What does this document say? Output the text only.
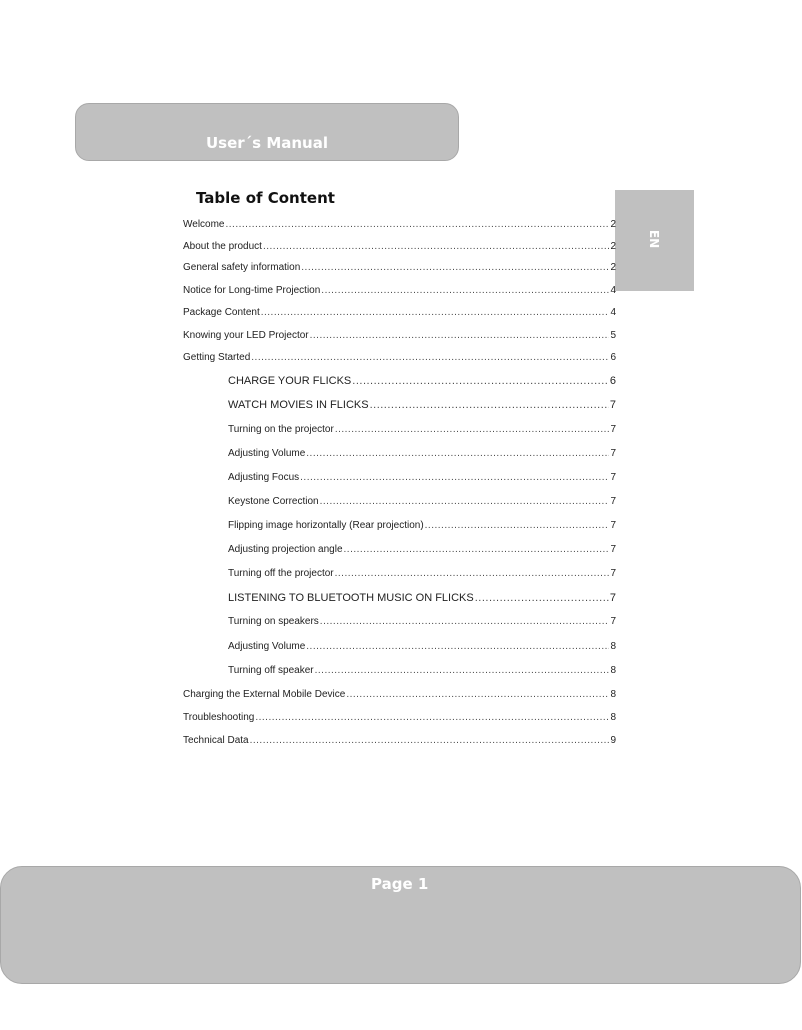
User´s Manual
Table of Content
EN
Welcome .....	2
About the product .....	2
General safety information .....	2
Notice for Long-time Projection .....	4
Package Content .....	4
Knowing your LED Projector .....	5
Getting Started .....	6
CHARGE YOUR FLICKS .....	6
WATCH MOVIES IN FLICKS .....	7
Turning on the projector .....	7
Adjusting Volume .....	7
Adjusting Focus .....	7
Keystone Correction .....	7
Flipping image horizontally (Rear projection) .....	7
Adjusting projection angle .....	7
Turning off the projector .....	7
LISTENING TO BLUETOOTH MUSIC ON FLICKS .....	7
Turning on speakers .....	7
Adjusting Volume .....	8
Turning off speaker .....	8
Charging the External Mobile Device .....	8
Troubleshooting .....	8
Technical Data .....	9
Page 1
